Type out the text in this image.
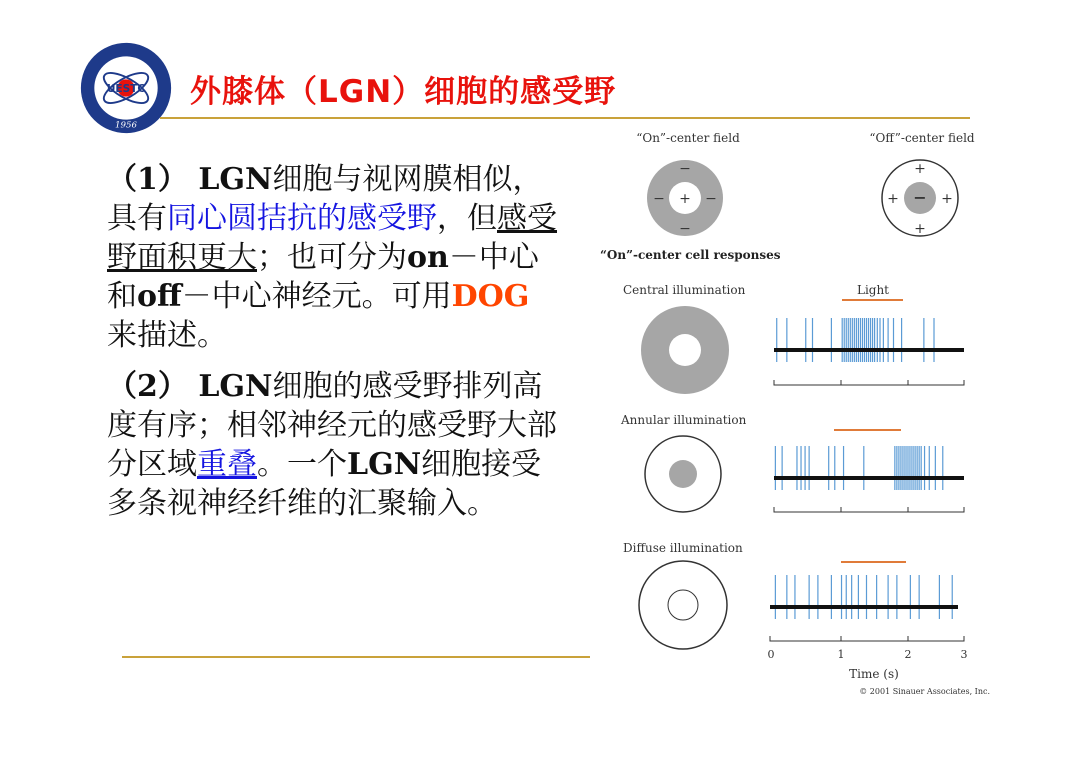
UESTC
1956
外膝体（LGN）细胞的感受野

（1） LGN细胞与视网膜相似，具有同心圆拮抗的感受野，但感受野面积更大；也可分为on－中心和off－中心神经元。可用DOG来描述。

（2） LGN细胞的感受野排列高度有序；相邻神经元的感受野大部分区域重叠。一个LGN细胞接受多条视神经纤维的汇聚输入。

“On”-center field	“Off”-center field
+
−
−
−	−	−
+
+
+	+
“On”-center cell responses
Central illumination	Light
Annular illumination
Diffuse illumination
0	1	2	3
Time (s)
© 2001 Sinauer Associates, Inc.
